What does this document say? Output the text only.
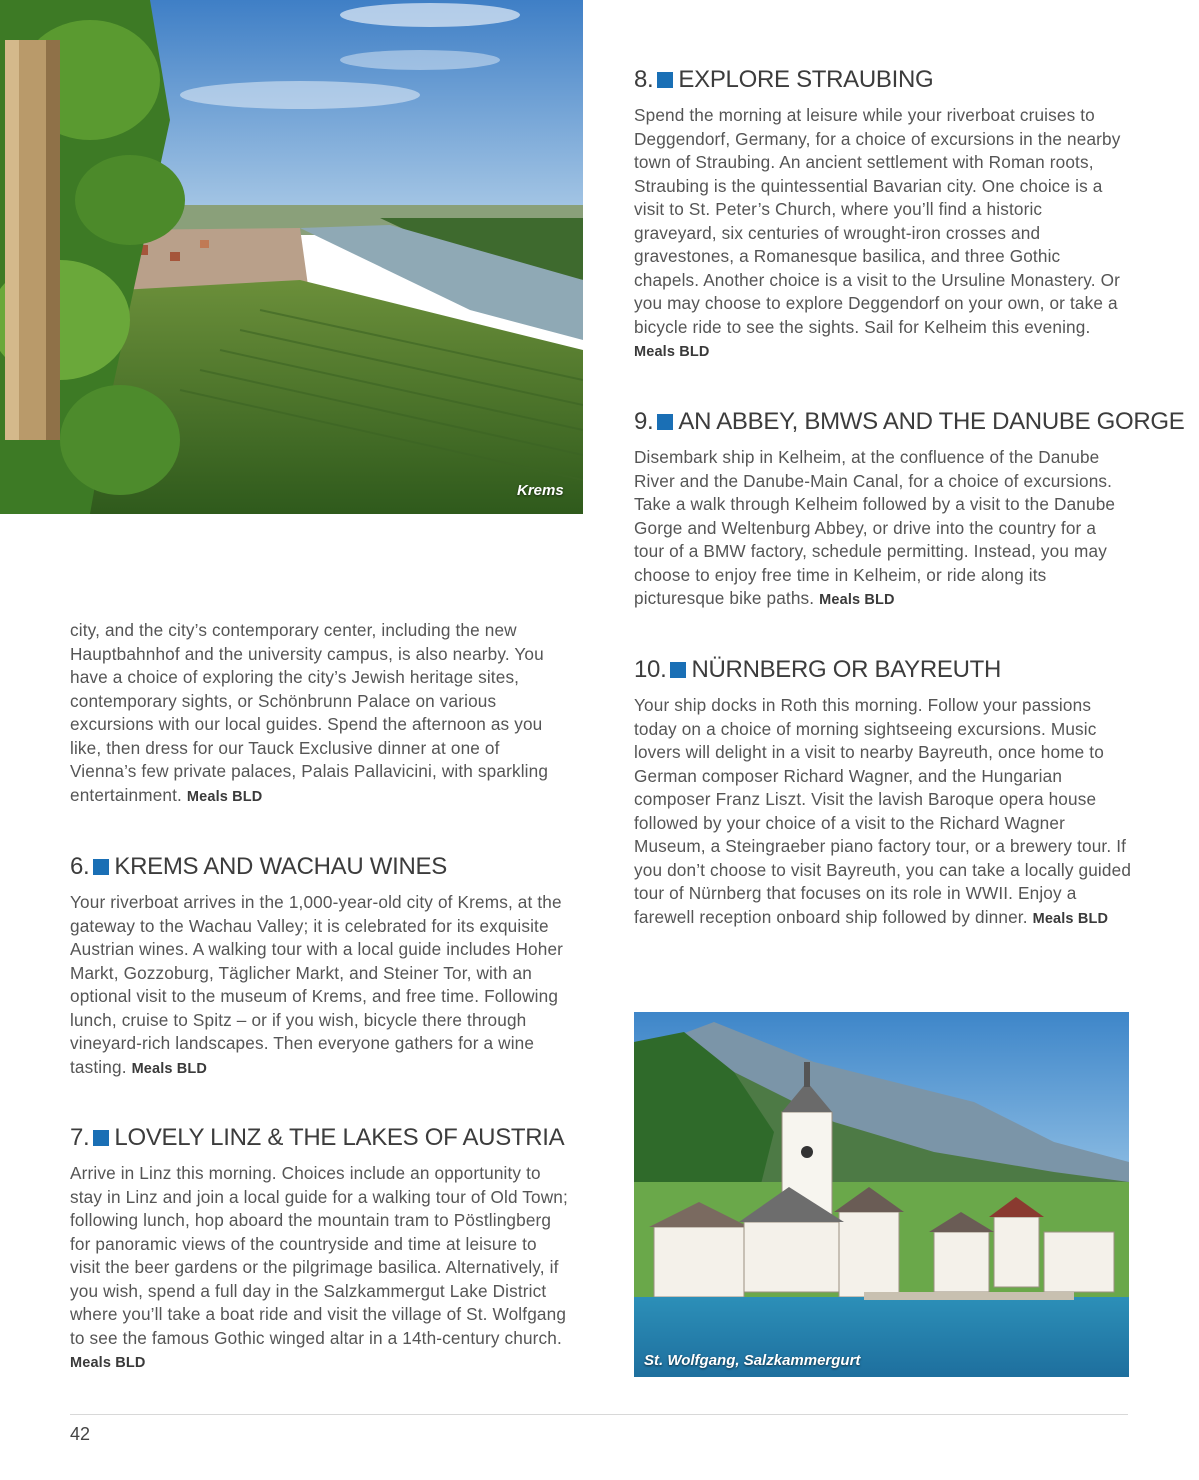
Krems

city, and the city’s contemporary center, including the new Hauptbahnhof and the university campus, is also nearby. You have a choice of exploring the city’s Jewish heritage sites, contemporary sights, or Schönbrunn Palace on various excursions with our local guides. Spend the afternoon as you like, then dress for our Tauck Exclusive dinner at one of Vienna’s few private palaces, Palais Pallavicini, with sparkling entertainment. Meals BLD

6. KREMS AND WACHAU WINES

Your riverboat arrives in the 1,000-year-old city of Krems, at the gateway to the Wachau Valley; it is celebrated for its exquisite Austrian wines. A walking tour with a local guide includes Hoher Markt, Gozzoburg, Täglicher Markt, and Steiner Tor, with an optional visit to the museum of Krems, and free time. Following lunch, cruise to Spitz – or if you wish, bicycle there through vineyard-rich landscapes. Then everyone gathers for a wine tasting. Meals BLD

7. LOVELY LINZ & THE LAKES OF AUSTRIA

Arrive in Linz this morning. Choices include an opportunity to stay in Linz and join a local guide for a walking tour of Old Town; following lunch, hop aboard the mountain tram to Pöstlingberg for panoramic views of the countryside and time at leisure to visit the beer gardens or the pilgrimage basilica. Alternatively, if you wish, spend a full day in the Salzkammergut Lake District where you’ll take a boat ride and visit the village of St. Wolfgang to see the famous Gothic winged altar in a 14th-century church. Meals BLD

8. EXPLORE STRAUBING

Spend the morning at leisure while your riverboat cruises to Deggendorf, Germany, for a choice of excursions in the nearby town of Straubing. An ancient settlement with Roman roots, Straubing is the quintessential Bavarian city. One choice is a visit to St. Peter’s Church, where you’ll find a historic graveyard, six centuries of wrought-iron crosses and gravestones, a Romanesque basilica, and three Gothic chapels. Another choice is a visit to the Ursuline Monastery. Or you may choose to explore Deggendorf on your own, or take a bicycle ride to see the sights. Sail for Kelheim this evening. Meals BLD

9. AN ABBEY, BMWS AND THE DANUBE GORGE

Disembark ship in Kelheim, at the confluence of the Danube River and the Danube-Main Canal, for a choice of excursions. Take a walk through Kelheim followed by a visit to the Danube Gorge and Weltenburg Abbey, or drive into the country for a tour of a BMW factory, schedule permitting. Instead, you may choose to enjoy free time in Kelheim, or ride along its picturesque bike paths. Meals BLD

10. NÜRNBERG OR BAYREUTH

Your ship docks in Roth this morning. Follow your passions today on a choice of morning sightseeing excursions. Music lovers will delight in a visit to nearby Bayreuth, once home to German composer Richard Wagner, and the Hungarian composer Franz Liszt. Visit the lavish Baroque opera house followed by your choice of a visit to the Richard Wagner Museum, a Steingraeber piano factory tour, or a brewery tour. If you don’t choose to visit Bayreuth, you can take a locally guided tour of Nürnberg that focuses on its role in WWII. Enjoy a farewell reception onboard ship followed by dinner. Meals BLD

St. Wolfgang, Salzkammergurt
42
